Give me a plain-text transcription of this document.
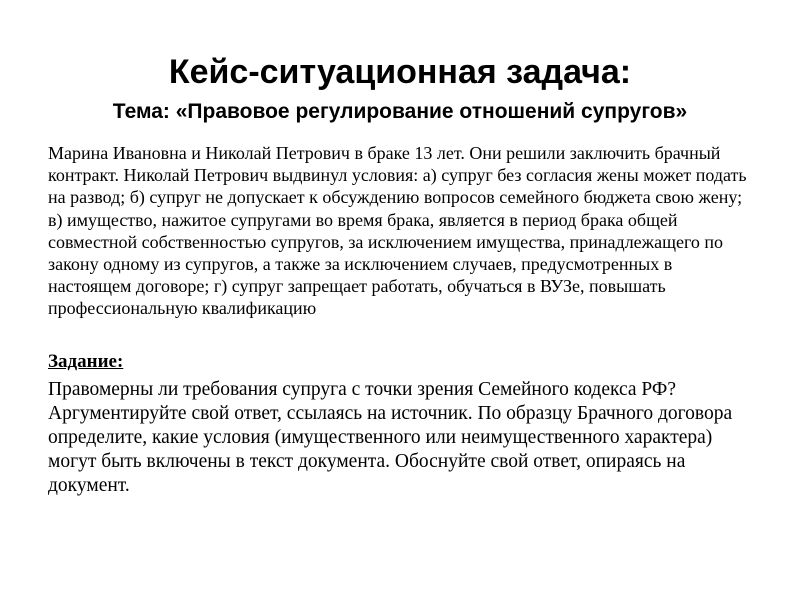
Кейс-ситуационная задача:
Тема: «Правовое регулирование отношений супругов»

Марина Ивановна и Николай Петрович в браке 13 лет. Они решили заключить брачный контракт. Николай Петрович выдвинул условия: а) супруг без согласия жены может подать на развод; б) супруг не допускает к обсуждению вопросов семейного бюджета свою жену; в) имущество, нажитое супругами во время брака, является в период брака общей совместной собственностью супругов, за исключением имущества, принадлежащего по закону одному из супругов, а также за исключением случаев, предусмотренных в настоящем договоре; г) супруг запрещает работать, обучаться в ВУЗе, повышать профессиональную квалификацию

Задание:

Правомерны ли требования супруга с точки зрения Семейного кодекса РФ? Аргументируйте свой ответ, ссылаясь на источник. По образцу Брачного договора определите, какие условия (имущественного или неимущественного характера) могут быть включены в текст документа. Обоснуйте свой ответ, опираясь на документ.
